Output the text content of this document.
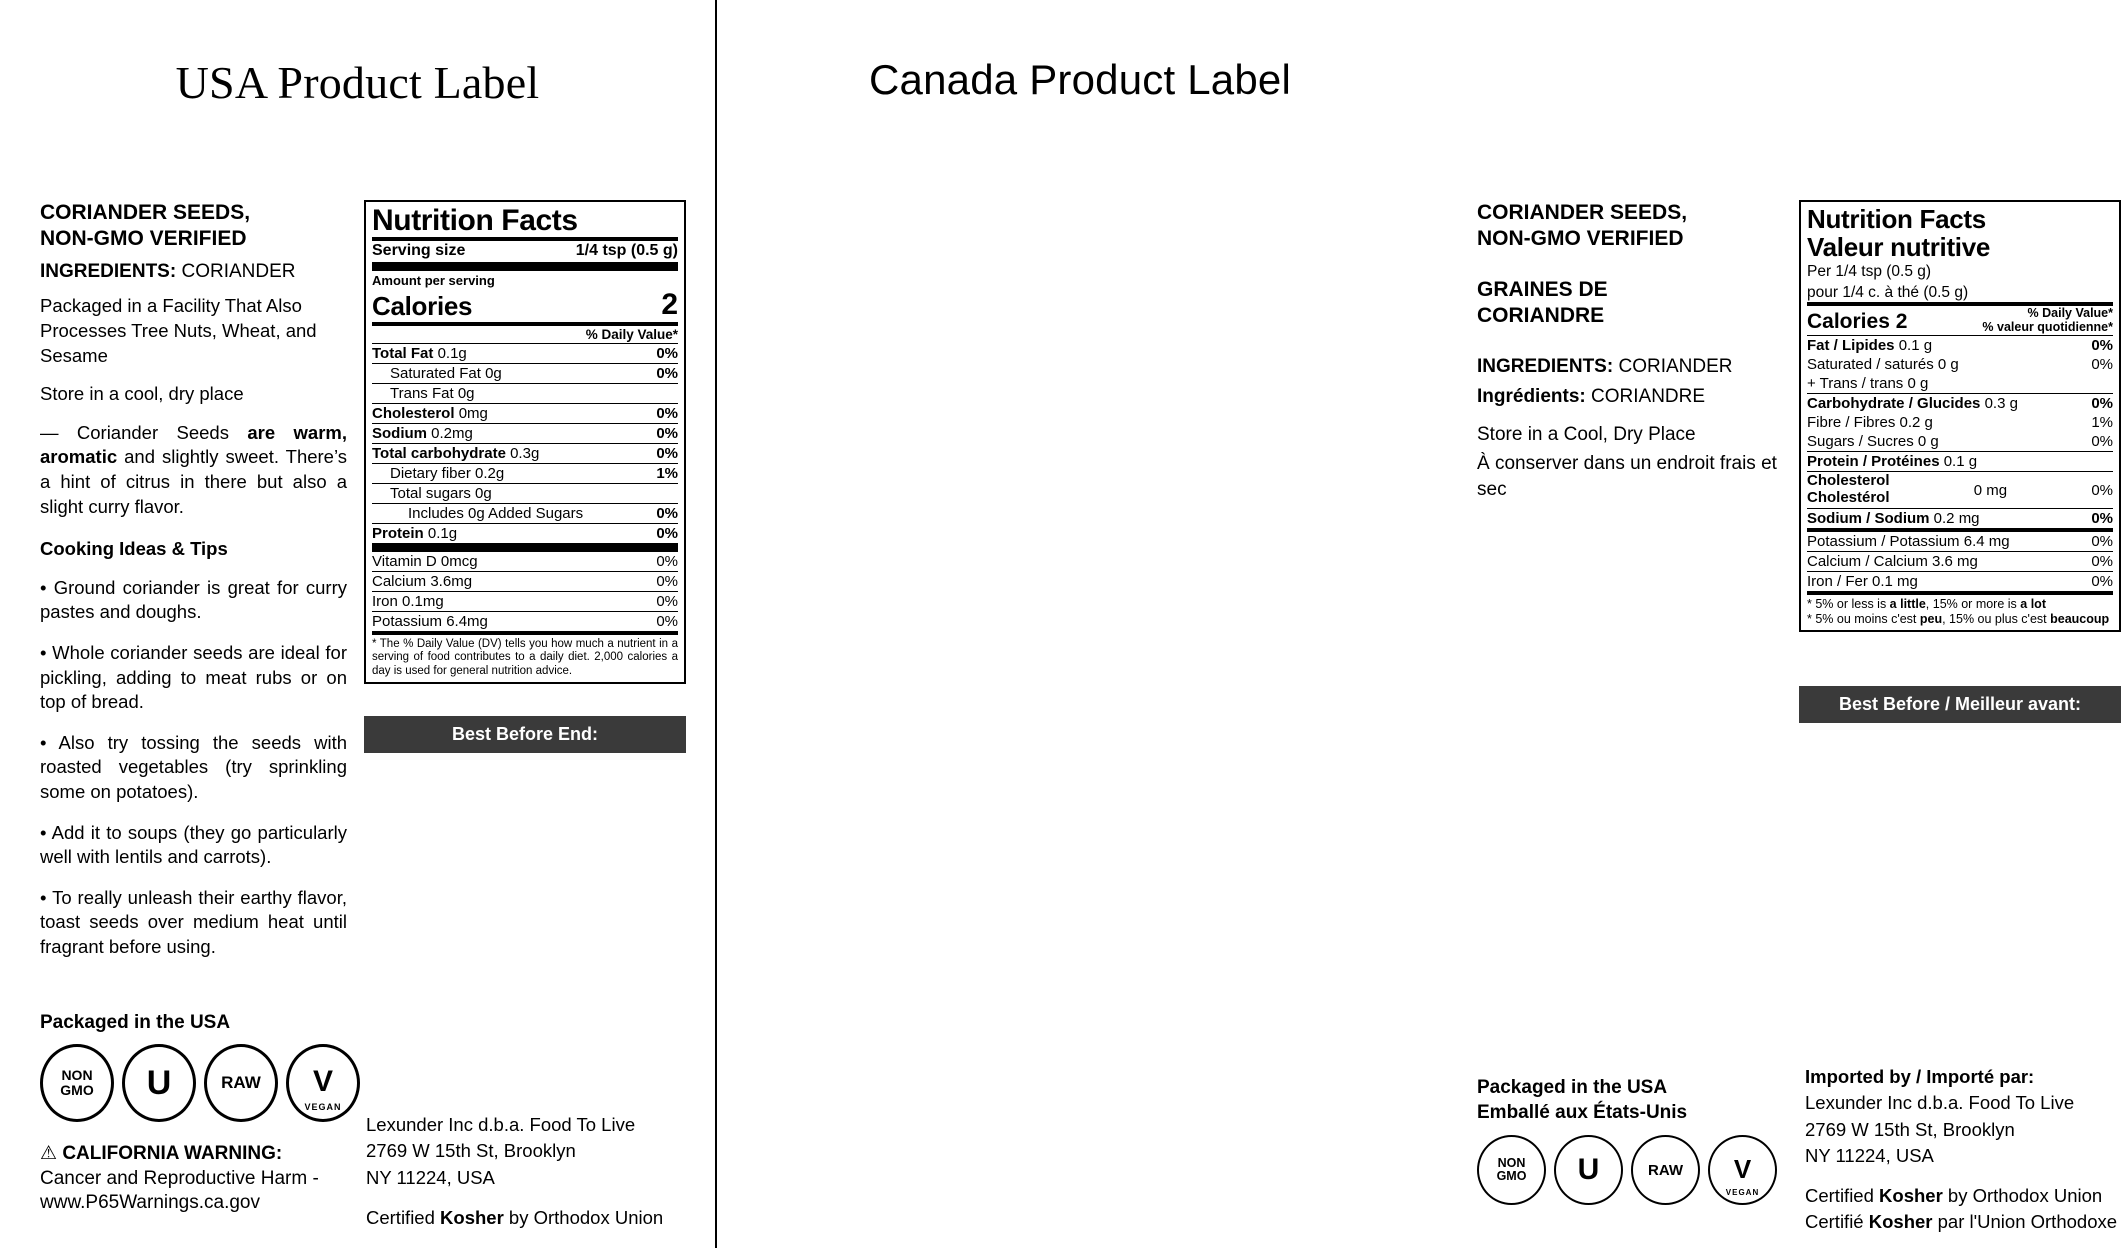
USA Product Label
CORIANDER SEEDS,
NON-GMO VERIFIED
INGREDIENTS: CORIANDER
Packaged in a Facility That Also Processes Tree Nuts, Wheat, and Sesame
Store in a cool, dry place
— Coriander Seeds are warm, aromatic and slightly sweet. There’s a hint of citrus in there but also a slight curry flavor.
Cooking Ideas & Tips
• Ground coriander is great for curry pastes and doughs.
• Whole coriander seeds are ideal for pickling, adding to meat rubs or on top of bread.
• Also try tossing the seeds with roasted vegetables (try sprinkling some on potatoes).
• Add it to soups (they go particularly well with lentils and carrots).
• To really unleash their earthy flavor, toast seeds over medium heat until fragrant before using.
Packaged in the USA
NON
GMO U	RAW V
VEGAN
⚠ CALIFORNIA WARNING:
Cancer and Reproductive Harm -
www.P65Warnings.ca.gov
Nutrition Facts
Serving size	1/4 tsp (0.5 g)
Amount per serving
Calories	2
% Daily Value*
Total Fat 0.1g	0%
Saturated Fat 0g	0%
Trans Fat 0g
Cholesterol 0mg	0%
Sodium 0.2mg	0%
Total carbohydrate 0.3g	0%
Dietary fiber 0.2g	1%
Total sugars 0g
Includes 0g Added Sugars	0%
Protein 0.1g	0%
Vitamin D 0mcg	0%
Calcium 3.6mg	0%
Iron 0.1mg	0%
Potassium 6.4mg	0%
* The % Daily Value (DV) tells you how much a nutrient in a serving of food contributes to a daily diet. 2,000 calories a day is used for general nutrition advice.
Best Before End:
Lexunder Inc d.b.a. Food To Live
2769 W 15th St, Brooklyn
NY 11224, USA
Certified Kosher by Orthodox Union
Canada Product Label
CORIANDER SEEDS,
NON-GMO VERIFIED
GRAINES DE
CORIANDRE
INGREDIENTS: CORIANDER
Ingrédients: CORIANDRE
Store in a Cool, Dry Place
À conserver dans un endroit frais et sec
Nutrition Facts
Valeur nutritive
Per 1/4 tsp (0.5 g)
pour 1/4 c. à thé (0.5 g)
Calories 2	% Daily Value*
% valeur quotidienne*
Fat / Lipides 0.1 g	0%
Saturated / saturés 0 g	0%
+ Trans / trans 0 g
Carbohydrate / Glucides 0.3 g	0%
Fibre / Fibres 0.2 g	1%
Sugars / Sucres 0 g	0%
Protein / Protéines 0.1 g
Cholesterol
Cholestérol	0 mg	0%
Sodium / Sodium 0.2 mg	0%
Potassium / Potassium 6.4 mg	0%
Calcium / Calcium 3.6 mg	0%
Iron / Fer 0.1 mg	0%
* 5% or less is a little, 15% or more is a lot
* 5% ou moins c'est peu, 15% ou plus c'est beaucoup
Best Before / Meilleur avant:
Packaged in the USA
Emballé aux États-Unis
NON
GMO U	RAW V
VEGAN
Imported by / Importé par:
Lexunder Inc d.b.a. Food To Live
2769 W 15th St, Brooklyn
NY 11224, USA
Certified Kosher by Orthodox Union
Certifié Kosher par l'Union Orthodoxe
